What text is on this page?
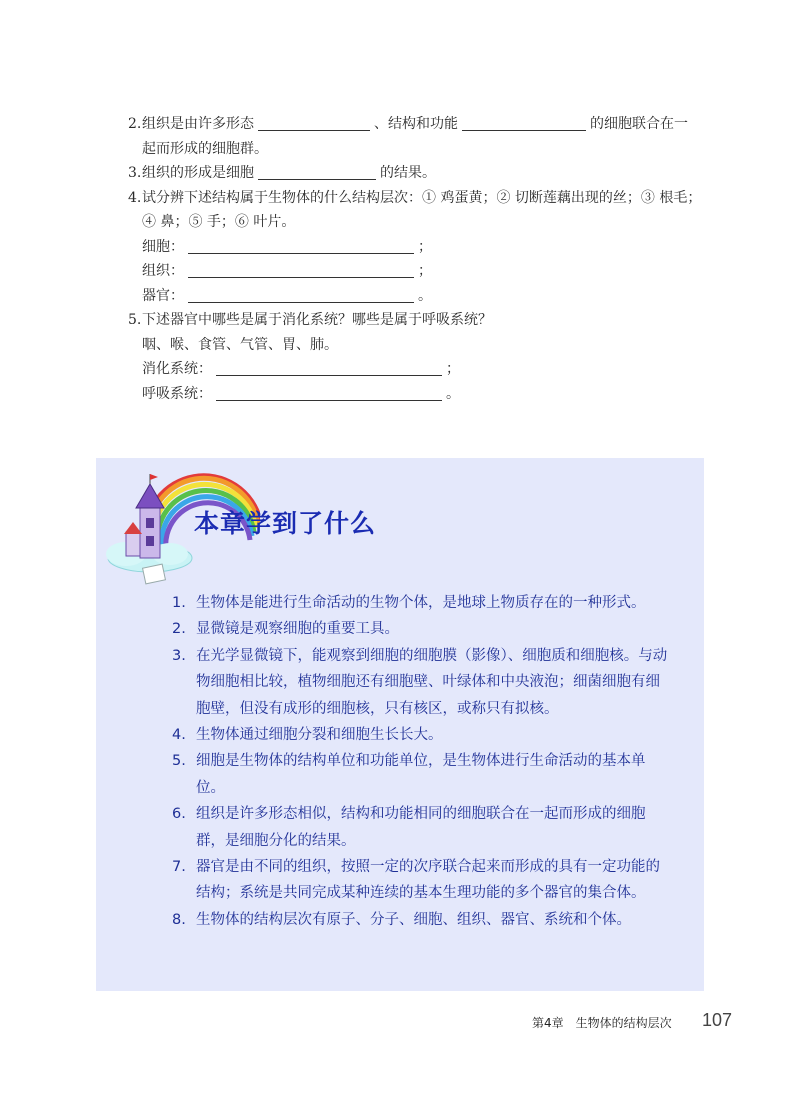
2.组织是由许多形态	、结构和功能	的细胞联合在一

起而形成的细胞群。

3.组织的形成是细胞	的结果。

4.试分辨下述结构属于生物体的什么结构层次：① 鸡蛋黄；② 切断莲藕出现的丝；③ 根毛；

④ 鼻；⑤ 手；⑥ 叶片。

细胞：	；

组织：	；

器官：	。

5.下述器官中哪些是属于消化系统？哪些是属于呼吸系统？

咽、喉、食管、气管、胃、肺。

消化系统：	；

呼吸系统：	。

本章学到了什么

1. 生物体是能进行生命活动的生物个体，是地球上物质存在的一种形式。

2. 显微镜是观察细胞的重要工具。

3. 在光学显微镜下，能观察到细胞的细胞膜（影像）、细胞质和细胞核。与动物细胞相比较，植物细胞还有细胞壁、叶绿体和中央液泡；细菌细胞有细胞壁，但没有成形的细胞核，只有核区，或称只有拟核。

4. 生物体通过细胞分裂和细胞生长长大。

5. 细胞是生物体的结构单位和功能单位，是生物体进行生命活动的基本单位。

6. 组织是许多形态相似，结构和功能相同的细胞联合在一起而形成的细胞群，是细胞分化的结果。

7. 器官是由不同的组织，按照一定的次序联合起来而形成的具有一定功能的结构；系统是共同完成某种连续的基本生理功能的多个器官的集合体。

8. 生物体的结构层次有原子、分子、细胞、组织、器官、系统和个体。

第4章　生物体的结构层次 107
